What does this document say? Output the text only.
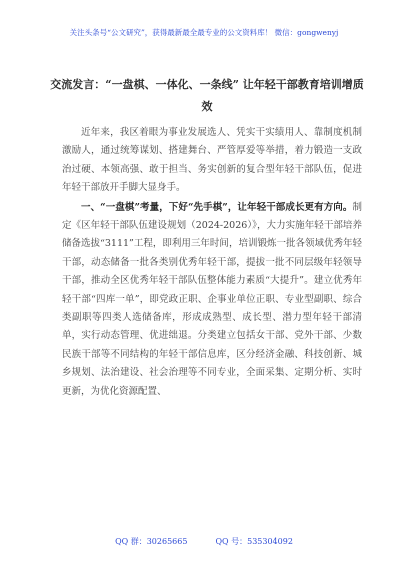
关注头条号“公文研究”，获得最新最全最专业的公文资料库！ 微信：gongwenyj
交流发言：“一盘棋、一体化、一条线” 让年轻干部教育培训增质效

近年来，我区着眼为事业发展选人、凭实干实绩用人、靠制度机制激励人，通过统筹谋划、搭建舞台、严管厚爱等举措，着力锻造一支政治过硬、本领高强、敢于担当、务实创新的复合型年轻干部队伍，促进年轻干部放开手脚大显身手。

一、“一盘棋”考量，下好“先手棋”，让年轻干部成长更有方向。制定《区年轻干部队伍建设规划（2024-2026）》，大力实施年轻干部培养储备选拔“3111”工程，即利用三年时间，培训锻炼一批各领域优秀年轻干部，动态储备一批各类别优秀年轻干部，提拔一批不同层级年轻领导干部，推动全区优秀年轻干部队伍整体能力素质“大提升”。建立优秀年轻干部“四库一单”，即党政正职、企事业单位正职、专业型副职、综合类副职等四类人选储备库，形成成熟型、成长型、潜力型年轻干部清单，实行动态管理、优进绌退。分类建立包括女干部、党外干部、少数民族干部等不同结构的年轻干部信息库，区分经济金融、科技创新、城乡规划、法治建设、社会治理等不同专业，全面采集、定期分析、实时更新，为优化资源配置、

QQ 群：30265665	QQ 号：535304092
